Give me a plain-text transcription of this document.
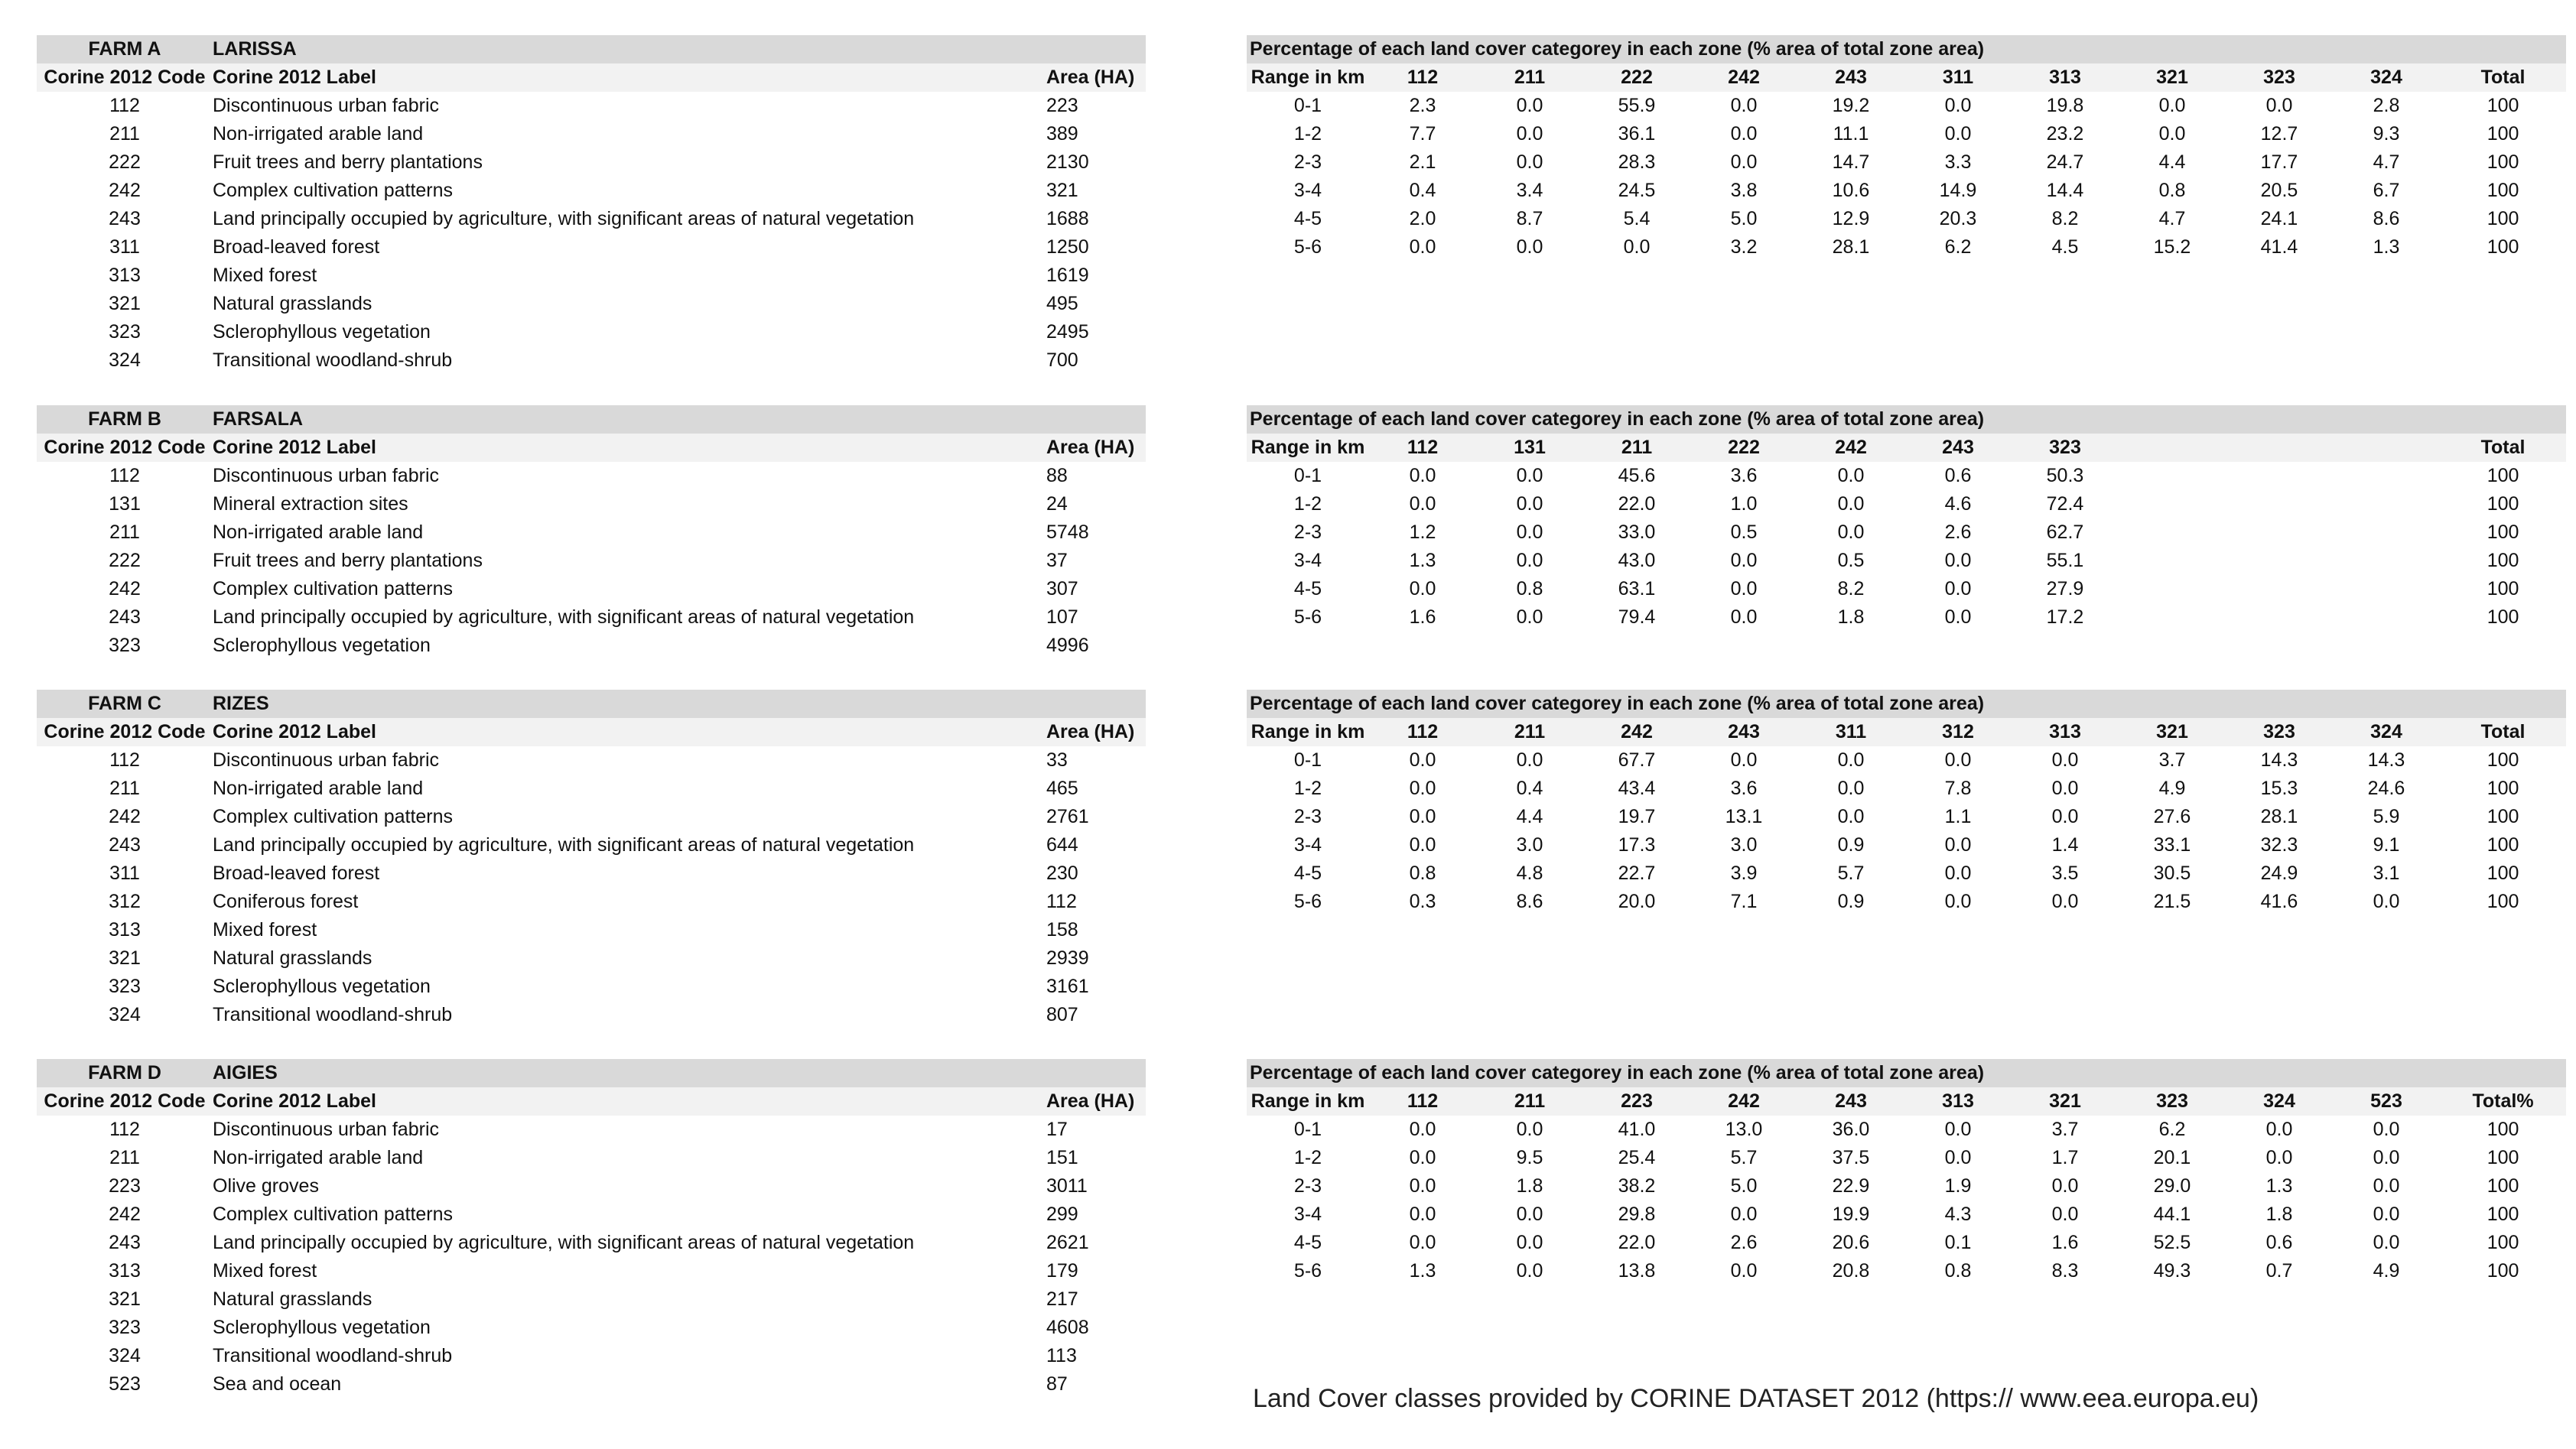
FARM A	LARISSA	
Corine 2012 Code	Corine 2012 Label	Area (HA)
112	Discontinuous urban fabric	223
211	Non-irrigated arable land	389
222	Fruit trees and berry plantations	2130
242	Complex cultivation patterns	321
243	Land principally occupied by agriculture, with significant areas of natural vegetation	1688
311	Broad-leaved forest	1250
313	Mixed forest	1619
321	Natural grasslands	495
323	Sclerophyllous vegetation	2495
324	Transitional woodland-shrub	700
Percentage of each land cover categorey in each zone (% area of total zone area)											
Range in km	112	211	222	242	243	311	313	321	323	324	Total
0-1	2.3	0.0	55.9	0.0	19.2	0.0	19.8	0.0	0.0	2.8	100
1-2	7.7	0.0	36.1	0.0	11.1	0.0	23.2	0.0	12.7	9.3	100
2-3	2.1	0.0	28.3	0.0	14.7	3.3	24.7	4.4	17.7	4.7	100
3-4	0.4	3.4	24.5	3.8	10.6	14.9	14.4	0.8	20.5	6.7	100
4-5	2.0	8.7	5.4	5.0	12.9	20.3	8.2	4.7	24.1	8.6	100
5-6	0.0	0.0	0.0	3.2	28.1	6.2	4.5	15.2	41.4	1.3	100
FARM B	FARSALA	
Corine 2012 Code	Corine 2012 Label	Area (HA)
112	Discontinuous urban fabric	88
131	Mineral extraction sites	24
211	Non-irrigated arable land	5748
222	Fruit trees and berry plantations	37
242	Complex cultivation patterns	307
243	Land principally occupied by agriculture, with significant areas of natural vegetation	107
323	Sclerophyllous vegetation	4996
Percentage of each land cover categorey in each zone (% area of total zone area)											
Range in km	112	131	211	222	242	243	323				Total
0-1	0.0	0.0	45.6	3.6	0.0	0.6	50.3				100
1-2	0.0	0.0	22.0	1.0	0.0	4.6	72.4				100
2-3	1.2	0.0	33.0	0.5	0.0	2.6	62.7				100
3-4	1.3	0.0	43.0	0.0	0.5	0.0	55.1				100
4-5	0.0	0.8	63.1	0.0	8.2	0.0	27.9				100
5-6	1.6	0.0	79.4	0.0	1.8	0.0	17.2				100
FARM C	RIZES	
Corine 2012 Code	Corine 2012 Label	Area (HA)
112	Discontinuous urban fabric	33
211	Non-irrigated arable land	465
242	Complex cultivation patterns	2761
243	Land principally occupied by agriculture, with significant areas of natural vegetation	644
311	Broad-leaved forest	230
312	Coniferous forest	112
313	Mixed forest	158
321	Natural grasslands	2939
323	Sclerophyllous vegetation	3161
324	Transitional woodland-shrub	807
Percentage of each land cover categorey in each zone (% area of total zone area)											
Range in km	112	211	242	243	311	312	313	321	323	324	Total
0-1	0.0	0.0	67.7	0.0	0.0	0.0	0.0	3.7	14.3	14.3	100
1-2	0.0	0.4	43.4	3.6	0.0	7.8	0.0	4.9	15.3	24.6	100
2-3	0.0	4.4	19.7	13.1	0.0	1.1	0.0	27.6	28.1	5.9	100
3-4	0.0	3.0	17.3	3.0	0.9	0.0	1.4	33.1	32.3	9.1	100
4-5	0.8	4.8	22.7	3.9	5.7	0.0	3.5	30.5	24.9	3.1	100
5-6	0.3	8.6	20.0	7.1	0.9	0.0	0.0	21.5	41.6	0.0	100
FARM D	AIGIES	
Corine 2012 Code	Corine 2012 Label	Area (HA)
112	Discontinuous urban fabric	17
211	Non-irrigated arable land	151
223	Olive groves	3011
242	Complex cultivation patterns	299
243	Land principally occupied by agriculture, with significant areas of natural vegetation	2621
313	Mixed forest	179
321	Natural grasslands	217
323	Sclerophyllous vegetation	4608
324	Transitional woodland-shrub	113
523	Sea and ocean	87
Percentage of each land cover categorey in each zone (% area of total zone area)											
Range in km	112	211	223	242	243	313	321	323	324	523	Total%
0-1	0.0	0.0	41.0	13.0	36.0	0.0	3.7	6.2	0.0	0.0	100
1-2	0.0	9.5	25.4	5.7	37.5	0.0	1.7	20.1	0.0	0.0	100
2-3	0.0	1.8	38.2	5.0	22.9	1.9	0.0	29.0	1.3	0.0	100
3-4	0.0	0.0	29.8	0.0	19.9	4.3	0.0	44.1	1.8	0.0	100
4-5	0.0	0.0	22.0	2.6	20.6	0.1	1.6	52.5	0.6	0.0	100
5-6	1.3	0.0	13.8	0.0	20.8	0.8	8.3	49.3	0.7	4.9	100
Land Cover classes provided by CORINE DATASET 2012 (https:// www.eea.europa.eu)
